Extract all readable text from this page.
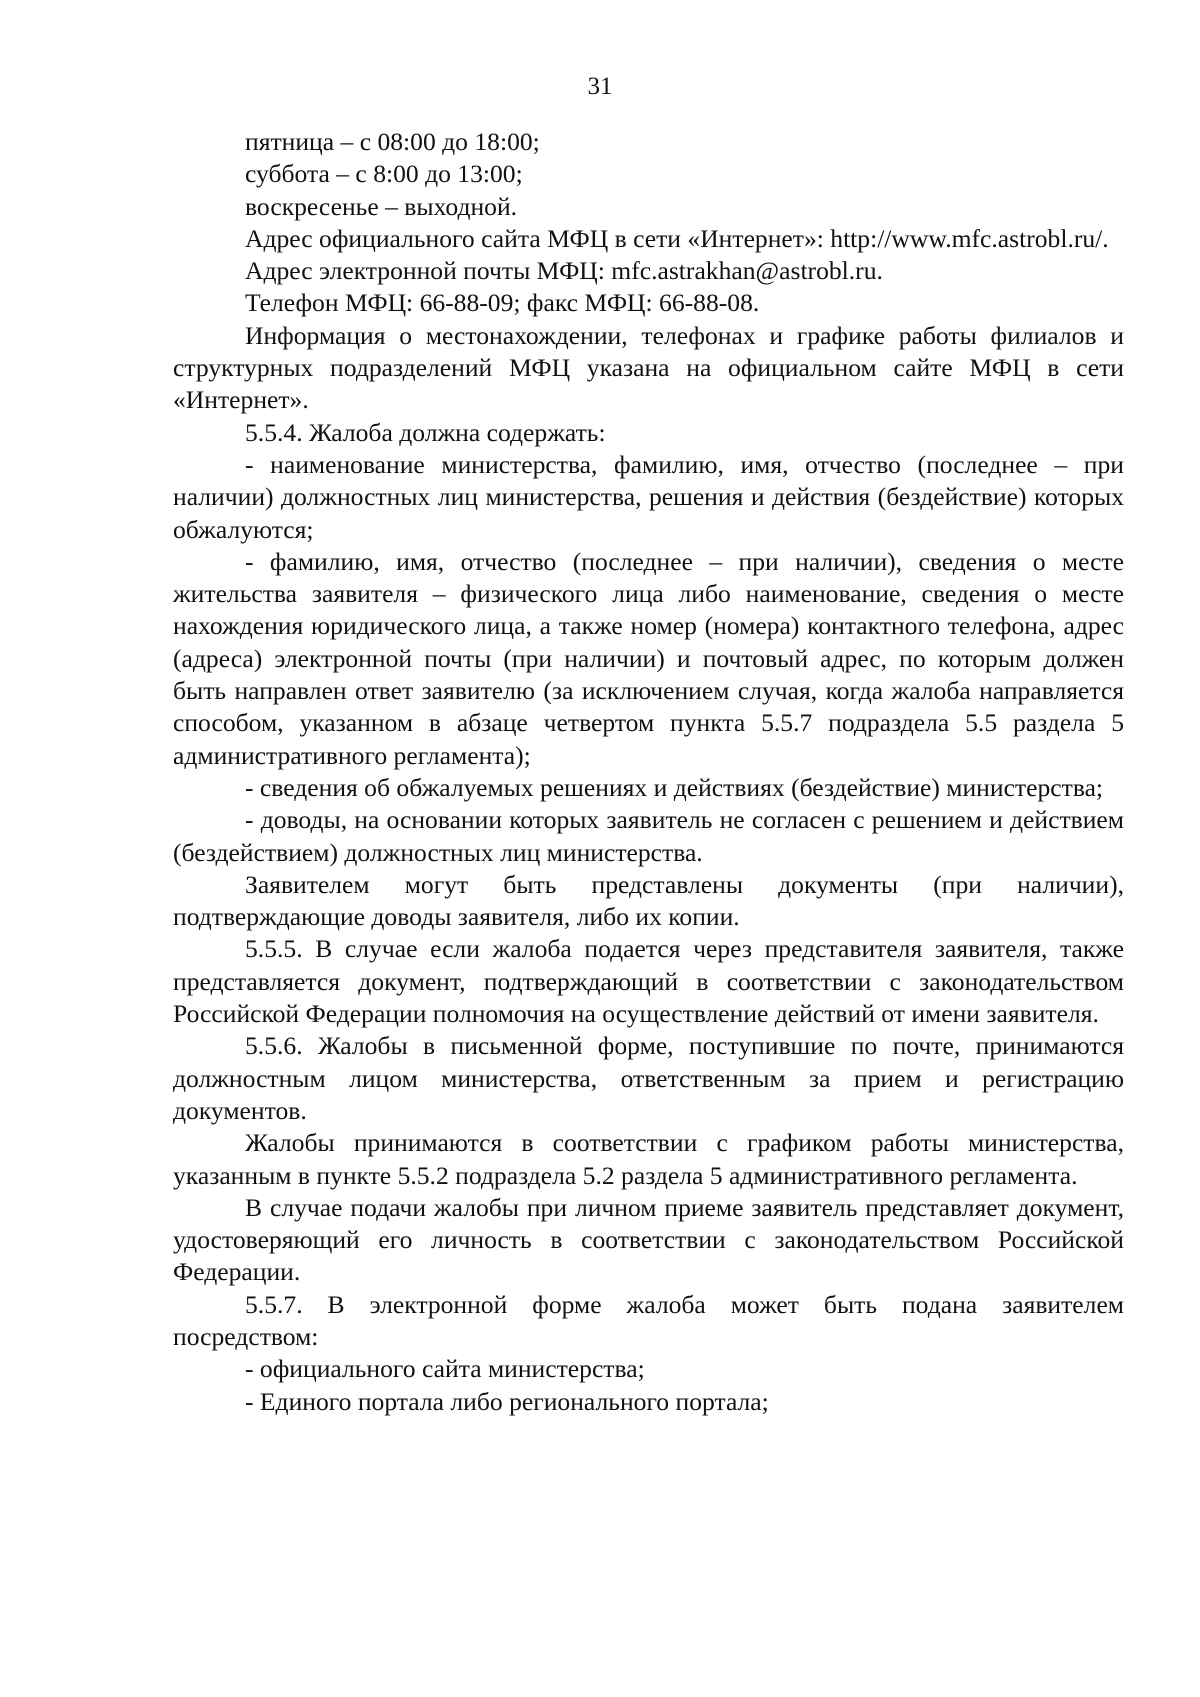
31

пятница – с 08:00 до 18:00;

суббота – с 8:00 до 13:00;

воскресенье – выходной.

Адрес официального сайта МФЦ в сети «Интернет»: http://www.mfc.astrobl.ru/.

Адрес электронной почты МФЦ: mfc.astrakhan@astrobl.ru.

Телефон МФЦ: 66-88-09; факс МФЦ: 66-88-08.

Информация о местонахождении, телефонах и графике работы филиалов и структурных подразделений МФЦ указана на официальном сайте МФЦ в сети «Интернет».

5.5.4. Жалоба должна содержать:

- наименование министерства, фамилию, имя, отчество (последнее – при наличии) должностных лиц министерства, решения и действия (бездействие) которых обжалуются;

- фамилию, имя, отчество (последнее – при наличии), сведения о месте жительства заявителя – физического лица либо наименование, сведения о месте нахождения юридического лица, а также номер (номера) контактного телефона, адрес (адреса) электронной почты (при наличии) и почтовый адрес, по которым должен быть направлен ответ заявителю (за исключением случая, когда жалоба направляется способом, указанном в абзаце четвертом пункта 5.5.7 подраздела 5.5 раздела 5 административного регламента);

- сведения об обжалуемых решениях и действиях (бездействие) министерства;

- доводы, на основании которых заявитель не согласен с решением и действием (бездействием) должностных лиц министерства.

Заявителем могут быть представлены документы (при наличии), подтверждающие доводы заявителя, либо их копии.

5.5.5. В случае если жалоба подается через представителя заявителя, также представляется документ, подтверждающий в соответствии с законодательством Российской Федерации полномочия на осуществление действий от имени заявителя.

5.5.6. Жалобы в письменной форме, поступившие по почте, принимаются должностным лицом министерства, ответственным за прием и регистрацию документов.

Жалобы принимаются в соответствии с графиком работы министерства, указанным в пункте 5.5.2 подраздела 5.2 раздела 5 административного регламента.

В случае подачи жалобы при личном приеме заявитель представляет документ, удостоверяющий его личность в соответствии с законодательством Российской Федерации.

5.5.7. В электронной форме жалоба может быть подана заявителем посредством:

- официального сайта министерства;

- Единого портала либо регионального портала;
